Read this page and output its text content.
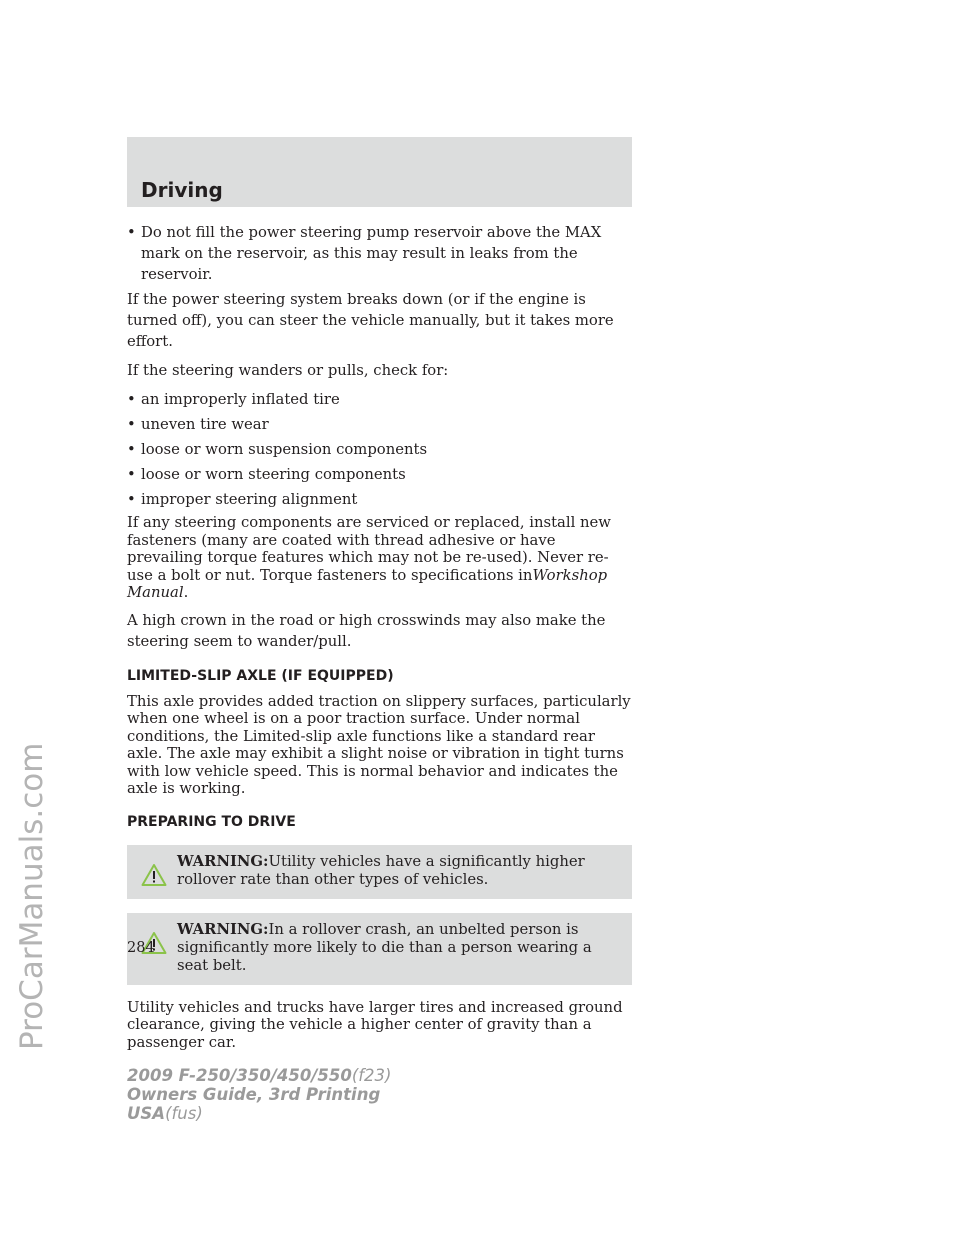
ProCarManuals.com
Driving
• Do not fill the power steering pump reservoir above the MAX mark on the reservoir, as this may result in leaks from the reservoir.

If the power steering system breaks down (or if the engine is turned off), you can steer the vehicle manually, but it takes more effort.

If the steering wanders or pulls, check for:

• an improperly inflated tire
• uneven tire wear
• loose or worn suspension components
• loose or worn steering components
• improper steering alignment

If any steering components are serviced or replaced, install new fasteners (many are coated with thread adhesive or have prevailing torque features which may not be re-used). Never re-use a bolt or nut. Torque fasteners to specifications inWorkshop Manual.

A high crown in the road or high crosswinds may also make the steering seem to wander/pull.

LIMITED-SLIP AXLE (IF EQUIPPED)

This axle provides added traction on slippery surfaces, particularly when one wheel is on a poor traction surface. Under normal conditions, the Limited-slip axle functions like a standard rear axle. The axle may exhibit a slight noise or vibration in tight turns with low vehicle speed. This is normal behavior and indicates the axle is working.

PREPARING TO DRIVE
WARNING:Utility vehicles have a significantly higher rollover rate than other types of vehicles.
WARNING:In a rollover crash, an unbelted person is significantly more likely to die than a person wearing a seat belt.

Utility vehicles and trucks have larger tires and increased ground clearance, giving the vehicle a higher center of gravity than a passenger car.

284
2009 F-250/350/450/550(f23)
Owners Guide, 3rd Printing
USA(fus)
